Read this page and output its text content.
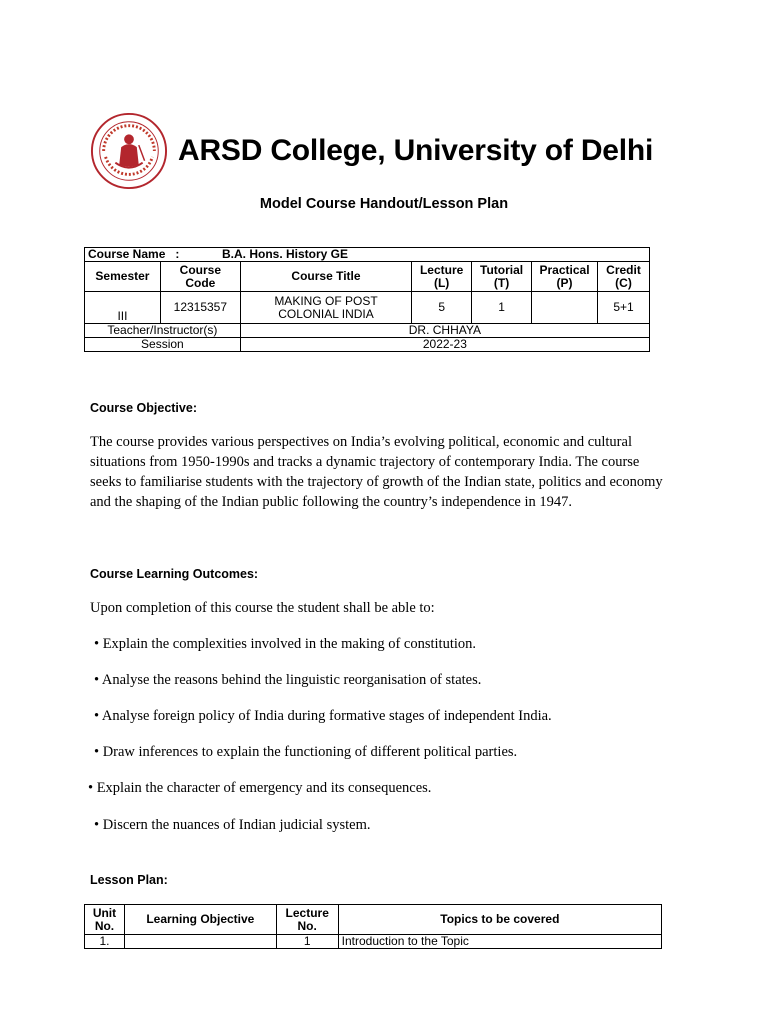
ARSD College, University of Delhi
Model Course Handout/Lesson Plan
Course Name   : B.A. Hons. History GE						
Semester	Course Code	Course Title	Lecture (L)	Tutorial (T)	Practical (P)	Credit (C)
III	12315357	MAKING OF POST COLONIAL INDIA	5	1		5+1
Teacher/Instructor(s)		DR. CHHAYA				
Session		2022-23				
Course Objective:
The course provides various perspectives on India’s evolving political, economic and cultural situations from 1950-1990s and tracks a dynamic trajectory of contemporary India. The course seeks to familiarise students with the trajectory of growth of the Indian state, politics and economy and the shaping of the Indian public following the country’s independence in 1947.
Course Learning Outcomes:
Upon completion of this course the student shall be able to:
• Explain the complexities involved in the making of constitution.
• Analyse the reasons behind the linguistic reorganisation of states.
• Analyse foreign policy of India during formative stages of independent India.
• Draw inferences to explain the functioning of different political parties.
• Explain the character of emergency and its consequences.
• Discern the nuances of Indian judicial system.
Lesson Plan:
Unit No.	Learning Objective	Lecture No.	Topics to be covered
1.		1	Introduction to the Topic
